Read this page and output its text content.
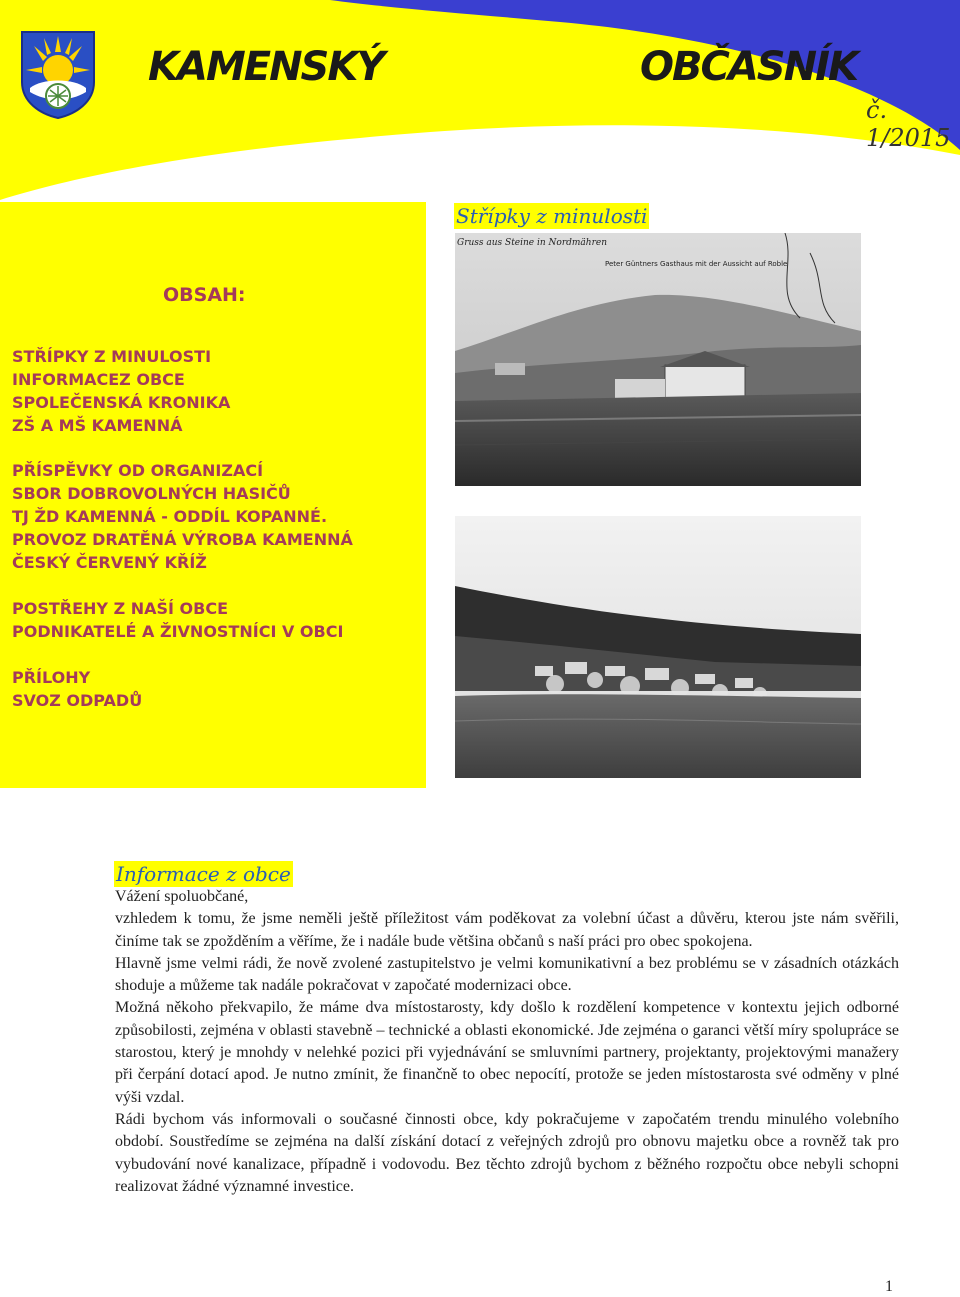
KAMENSKÝ	OBČASNÍK
č. 1/2015
OBSAH:
STŘÍPKY Z MINULOSTI
INFORMACEZ OBCE
SPOLEČENSKÁ KRONIKA
ZŠ A MŠ KAMENNÁ
PŘÍSPĚVKY OD ORGANIZACÍ
SBOR DOBROVOLNÝCH HASIČŮ
TJ ŽD KAMENNÁ - ODDÍL KOPANNÉ.
PROVOZ DRATĚNÁ VÝROBA KAMENNÁ
ČESKÝ ČERVENÝ KŘÍŽ
POSTŘEHY Z NAŠÍ OBCE
PODNIKATELÉ A ŽIVNOSTNÍCI V OBCI
PŘÍLOHY
SVOZ ODPADŮ
Střípky z minulosti
Gruss aus Steine in Nordmähren
Peter Güntners Gasthaus mit der Aussicht auf Roble
Informace z obce

Vážení spoluobčané,

vzhledem k tomu, že jsme neměli ještě příležitost vám poděkovat za volební účast a důvěru, kterou jste nám svěřili, činíme tak se zpožděním a věříme, že i nadále bude většina občanů s naší práci pro obec spokojena.

Hlavně jsme velmi rádi, že nově zvolené zastupitelstvo je velmi komunikativní a bez problému se v zásadních otázkách shoduje a můžeme tak nadále pokračovat v započaté modernizaci obce.

Možná někoho překvapilo, že máme dva místostarosty, kdy došlo k rozdělení kompetence v kontextu jejich odborné způsobilosti, zejména v oblasti stavebně – technické a oblasti ekonomické. Jde zejména o garanci větší míry spolupráce se starostou, který je mnohdy v nelehké pozici při vyjednávání se smluvními partnery, projektanty, projektovými manažery při čerpání dotací apod. Je nutno zmínit, že finančně to obec nepocítí, protože se jeden místostarosta své odměny v plné výši vzdal.

Rádi bychom vás informovali o současné činnosti obce, kdy pokračujeme v započatém trendu minulého volebního období. Soustředíme se zejména na další získání dotací z veřejných zdrojů pro obnovu majetku obce a rovněž tak pro vybudování nové kanalizace, případně i vodovodu. Bez těchto zdrojů bychom z běžného rozpočtu obce nebyli schopni realizovat žádné významné investice.

1
